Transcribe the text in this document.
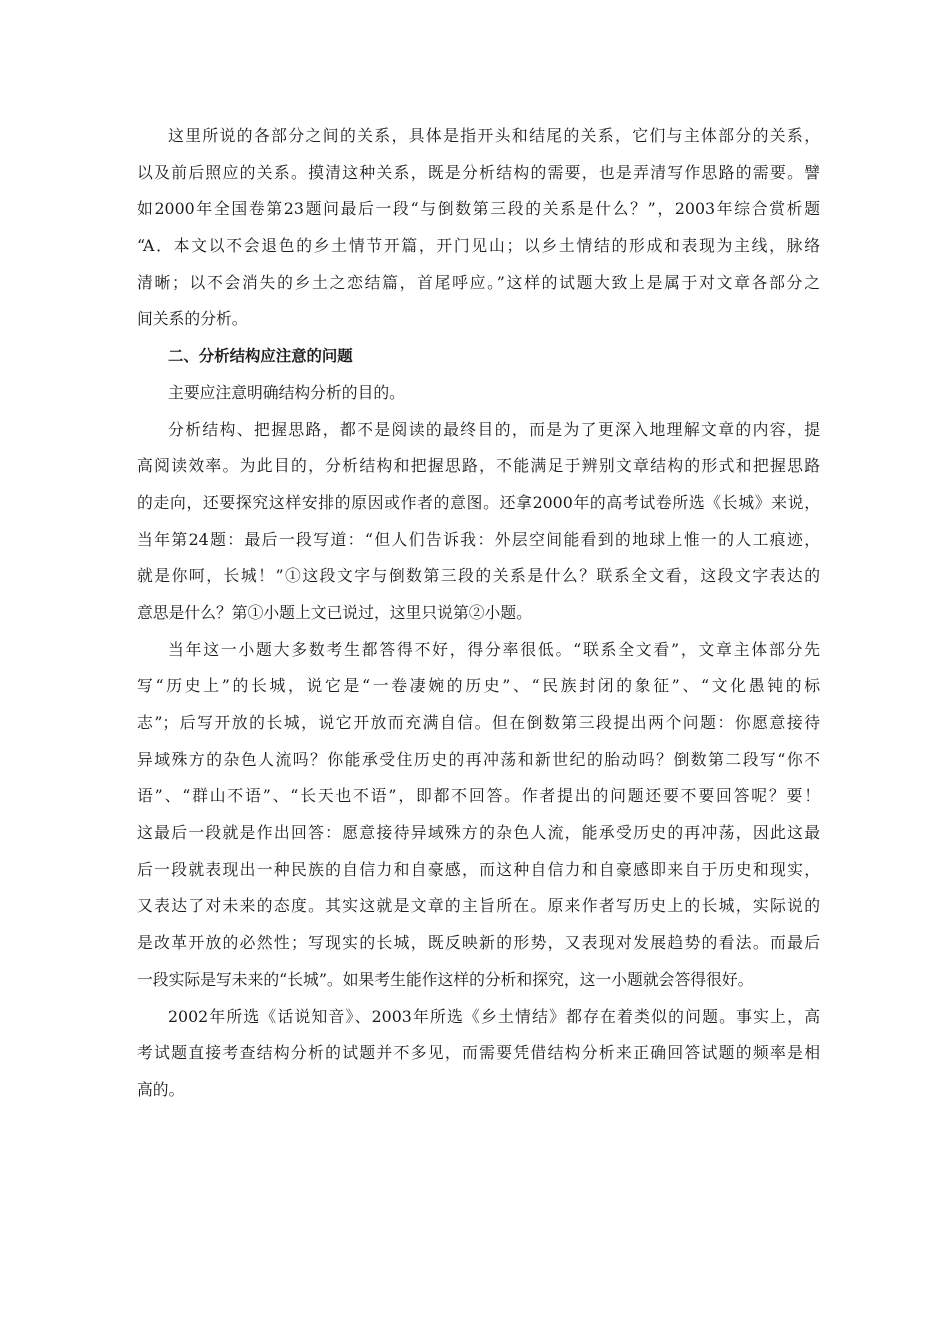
这里所说的各部分之间的关系，具体是指开头和结尾的关系，它们与主体部分的关系，
以及前后照应的关系。摸清这种关系，既是分析结构的需要，也是弄清写作思路的需要。譬
如2000年全国卷第23题问最后一段“与倒数第三段的关系是什么？”，2003年综合赏析题
“A．本文以不会退色的乡土情节开篇，开门见山；以乡土情结的形成和表现为主线，脉络
清晰；以不会消失的乡土之恋结篇，首尾呼应。”这样的试题大致上是属于对文章各部分之
间关系的分析。
二、分析结构应注意的问题
主要应注意明确结构分析的目的。
分析结构、把握思路，都不是阅读的最终目的，而是为了更深入地理解文章的内容，提
高阅读效率。为此目的，分析结构和把握思路，不能满足于辨别文章结构的形式和把握思路
的走向，还要探究这样安排的原因或作者的意图。还拿2000年的高考试卷所选《长城》来说，
当年第24题：最后一段写道：“但人们告诉我：外层空间能看到的地球上惟一的人工痕迹，
就是你呵，长城！”①这段文字与倒数第三段的关系是什么？联系全文看，这段文字表达的
意思是什么？第①小题上文已说过，这里只说第②小题。
当年这一小题大多数考生都答得不好，得分率很低。“联系全文看”，文章主体部分先
写“历史上”的长城，说它是“一卷凄婉的历史”、“民族封闭的象征”、“文化愚钝的标
志”；后写开放的长城，说它开放而充满自信。但在倒数第三段提出两个问题：你愿意接待
异域殊方的杂色人流吗？你能承受住历史的再冲荡和新世纪的胎动吗？倒数第二段写“你不
语”、“群山不语”、“长天也不语”，即都不回答。作者提出的问题还要不要回答呢？要！
这最后一段就是作出回答：愿意接待异域殊方的杂色人流，能承受历史的再冲荡，因此这最
后一段就表现出一种民族的自信力和自豪感，而这种自信力和自豪感即来自于历史和现实，
又表达了对未来的态度。其实这就是文章的主旨所在。原来作者写历史上的长城，实际说的
是改革开放的必然性；写现实的长城，既反映新的形势，又表现对发展趋势的看法。而最后
一段实际是写未来的“长城”。如果考生能作这样的分析和探究，这一小题就会答得很好。
2002年所选《话说知音》、2003年所选《乡土情结》都存在着类似的问题。事实上，高
考试题直接考查结构分析的试题并不多见，而需要凭借结构分析来正确回答试题的频率是相
高的。
